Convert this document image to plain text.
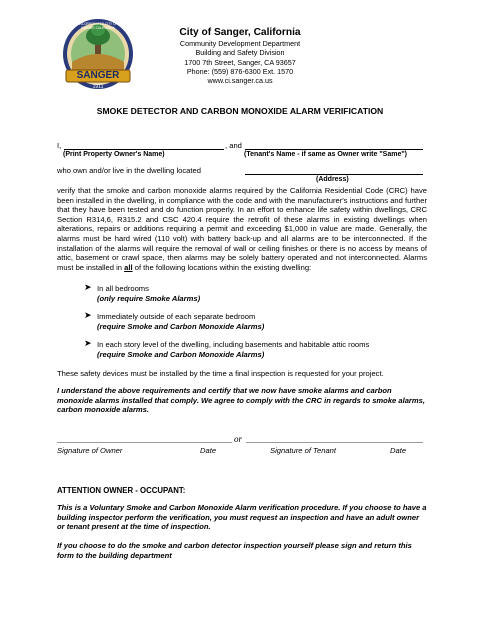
SANGER
1911
INCORPORATED CITY OF SANGER CALIFORNIA	City of Sanger, California
Community Development Department
Building and Safety Division
1700 7th Street, Sanger, CA 93657
Phone: (559) 876-6300 Ext. 1570
www.ci.sanger.ca.us
SMOKE DETECTOR AND CARBON MONOXIDE ALARM VERIFICATION
I,	, and
(Print Property Owner's Name)	(Tenant's Name - if same as Owner write "Same")
who own and/or live in the dwelling located
(Address)
verify that the smoke and carbon monoxide alarms required by the California Residential Code (CRC) have been installed in the dwelling, in compliance with the code and with the manufacturer's instructions and further that they have been tested and do function properly. In an effort to enhance life safety within dwellings, CRC Section R314,6, R315.2 and CSC 420.4 require the retrofit of these alarms in existing dwellings when alterations, repairs or additions requiring a permit and exceeding $1,000 in value are made. Generally, the alarms must be hard wired (110 volt) with battery back-up and all alarms are to be interconnected. If the installation of the alarms will require the removal of wall or ceiling finishes or there is no access by means of attic, basement or crawl space, then alarms may be solely battery operated and not interconnected. Alarms must be installed in all of the following locations within the existing dwelling:
➤ In all bedrooms
(only require Smoke Alarms)
➤ Immediately outside of each separate bedroom
(require Smoke and Carbon Monoxide Alarms)
➤ In each story level of the dwelling, including basements and habitable attic rooms
(require Smoke and Carbon Monoxide Alarms)
These safety devices must be installed by the time a final inspection is requested for your project.
I understand the above requirements and certify that we now have smoke alarms and carbon monoxide alarms installed that comply. We agree to comply with the CRC in regards to smoke alarms, carbon monoxide alarms.
or
Signature of Owner	Date	Signature of Tenant	Date
ATTENTION OWNER - OCCUPANT:
This is a Voluntary Smoke and Carbon Monoxide Alarm verification procedure. If you choose to have a building inspector perform the verification, you must request an inspection and have an adult owner or tenant present at the time of inspection.
If you choose to do the smoke and carbon detector inspection yourself please sign and return this form to the building department
